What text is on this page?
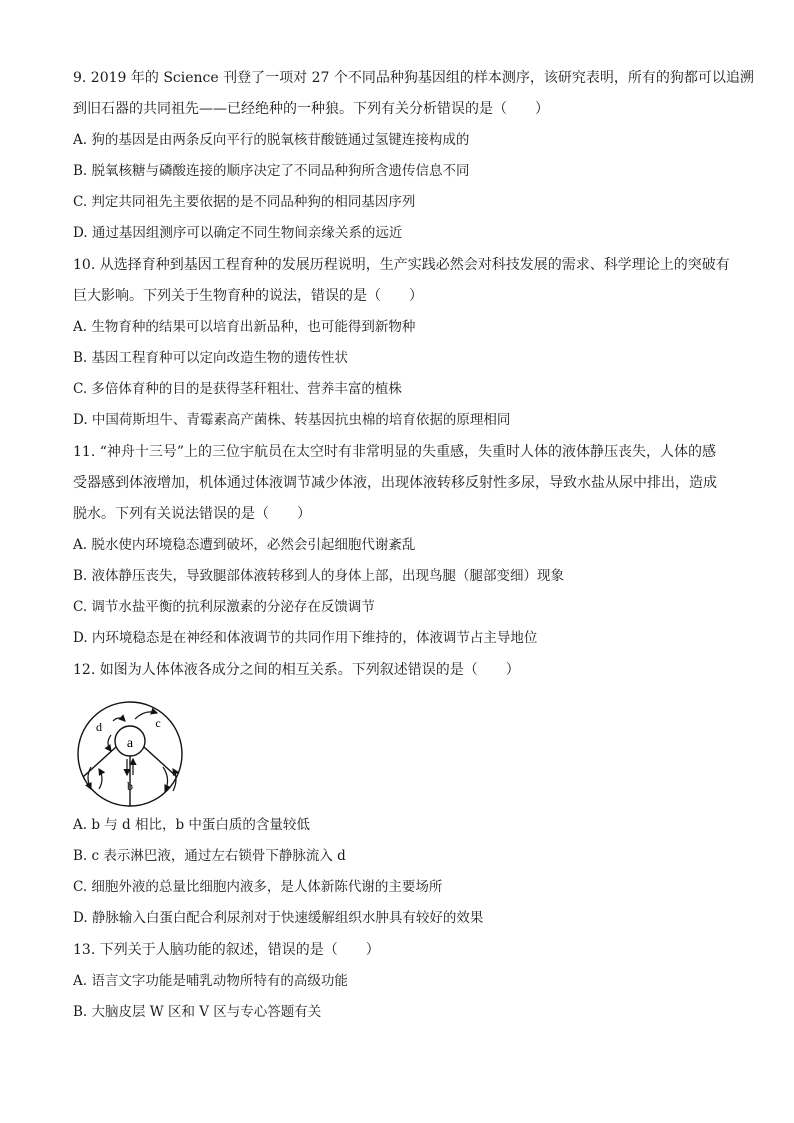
9. 2019 年的 Science 刊登了一项对 27 个不同品种狗基因组的样本测序，该研究表明，所有的狗都可以追溯
到旧石器的共同祖先——已经绝种的一种狼。下列有关分析错误的是（　　）
A. 狗的基因是由两条反向平行的脱氧核苷酸链通过氢键连接构成的
B. 脱氧核糖与磷酸连接的顺序决定了不同品种狗所含遗传信息不同
C. 判定共同祖先主要依据的是不同品种狗的相同基因序列
D. 通过基因组测序可以确定不同生物间亲缘关系的远近
10. 从选择育种到基因工程育种的发展历程说明，生产实践必然会对科技发展的需求、科学理论上的突破有
巨大影响。下列关于生物育种的说法，错误的是（　　）
A. 生物育种的结果可以培育出新品种，也可能得到新物种
B. 基因工程育种可以定向改造生物的遗传性状
C. 多倍体育种的目的是获得茎秆粗壮、营养丰富的植株
D. 中国荷斯坦牛、青霉素高产菌株、转基因抗虫棉的培育依据的原理相同
11. “神舟十三号”上的三位宇航员在太空时有非常明显的失重感，失重时人体的液体静压丧失，人体的感
受器感到体液增加，机体通过体液调节减少体液，出现体液转移反射性多尿，导致水盐从尿中排出，造成
脱水。下列有关说法错误的是（　　）
A. 脱水使内环境稳态遭到破坏，必然会引起细胞代谢紊乱
B. 液体静压丧失，导致腿部体液转移到人的身体上部，出现鸟腿（腿部变细）现象
C. 调节水盐平衡的抗利尿激素的分泌存在反馈调节
D. 内环境稳态是在神经和体液调节的共同作用下维持的，体液调节占主导地位
12. 如图为人体体液各成分之间的相互关系。下列叙述错误的是（　　）
a
b
c
d
A. b 与 d 相比，b 中蛋白质的含量较低
B. c 表示淋巴液，通过左右锁骨下静脉流入 d
C. 细胞外液的总量比细胞内液多，是人体新陈代谢的主要场所
D. 静脉输入白蛋白配合利尿剂对于快速缓解组织水肿具有较好的效果
13. 下列关于人脑功能的叙述，错误的是（　　）
A. 语言文字功能是哺乳动物所特有的高级功能
B. 大脑皮层 W 区和 V 区与专心答题有关
